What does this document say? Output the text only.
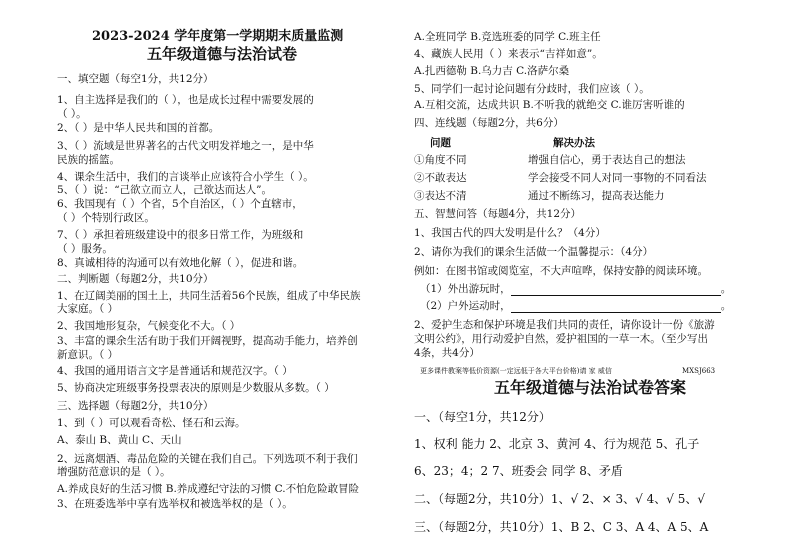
2023-2024 学年度第一学期期末质量监测
五年级道德与法治试卷
一、填空题（每空1分，共12分）
1、自主选择是我们的（ ），也是成长过程中需要发展的
（ ）。
2、（ ）是中华人民共和国的首都。
3、（ ）流域是世界著名的古代文明发祥地之一，是中华
民族的摇篮。
4、课余生活中，我们的言谈举止应该符合小学生（ ）。
5、（ ）说：“己欲立而立人，己欲达而达人”。
6、我国现有（ ）个省，5个自治区，（ ）个直辖市，
（ ）个特别行政区。
7、（ ）承担着班级建设中的很多日常工作，为班级和
（ ）服务。
8、真诚相待的沟通可以有效地化解（ ），促进和谐。
二、判断题（每题2分，共10分）
1、在辽阔美丽的国土上，共同生活着56个民族，组成了中华民族
大家庭。（ ）
2、我国地形复杂，气候变化不大。（ ）
3、丰富的课余生活有助于我们开阔视野，提高动手能力，培养创
新意识。（ ）
4、我国的通用语言文字是普通话和规范汉字。（ ）
5、协商决定班级事务投票表决的原则是少数服从多数。（ ）
三、选择题（每题2分，共10分）
1、到（ ）可以观看奇松、怪石和云海。
A、泰山 B、黄山 C、天山
2、远离烟酒、毒品危险的关键在我们自己。下列选项不利于我们
增强防范意识的是（ ）。
A.养成良好的生活习惯 B.养成遵纪守法的习惯 C.不怕危险敢冒险
3、在班委选举中享有选举权和被选举权的是（ ）。
A.全班同学 B.竞选班委的同学 C.班主任
4、藏族人民用（ ）来表示“吉祥如意”。
A.扎西德勒 B.乌力吉 C.洛萨尔桑
5、同学们一起讨论问题有分歧时，我们应该（ ）。
A.互相交流，达成共识 B.不听我的就绝交 C.谁厉害听谁的
四、连线题（每题2分，共6分）
问题	解决办法
①角度不同	增强自信心，勇于表达自己的想法
②不敢表达	学会接受不同人对同一事物的不同看法
③表达不清	通过不断练习，提高表达能力
五、智慧问答（每题4分，共12分）
1、我国古代的四大发明是什么？（4分）
2、请你为我们的课余生活做一个温馨提示：（4分）
例如：在图书馆或阅览室，不大声喧哗，保持安静的阅读环境。
（1）外出游玩时，	。
（2）户外运动时，	。
2、爱护生态和保护环境是我们共同的责任，请你设计一份《旅游
文明公约》，用行动爱护自然，爱护祖国的一草一木。（至少写出
4条，共4分）
更多课件教案等低价资源(一定远低于各大平台价格)请 家 威信	MXSJ663
五年级道德与法治试卷答案
一、（每空1分，共12分）
1、权利 能力 2、北京 3、黄河 4、行为规范 5、孔子
6、23；4；2 7、班委会 同学 8、矛盾
二、（每题2分，共10分）1、√ 2、× 3、√ 4、√ 5、√
三、（每题2分，共10分）1、B 2、C 3、A 4、A 5、A
